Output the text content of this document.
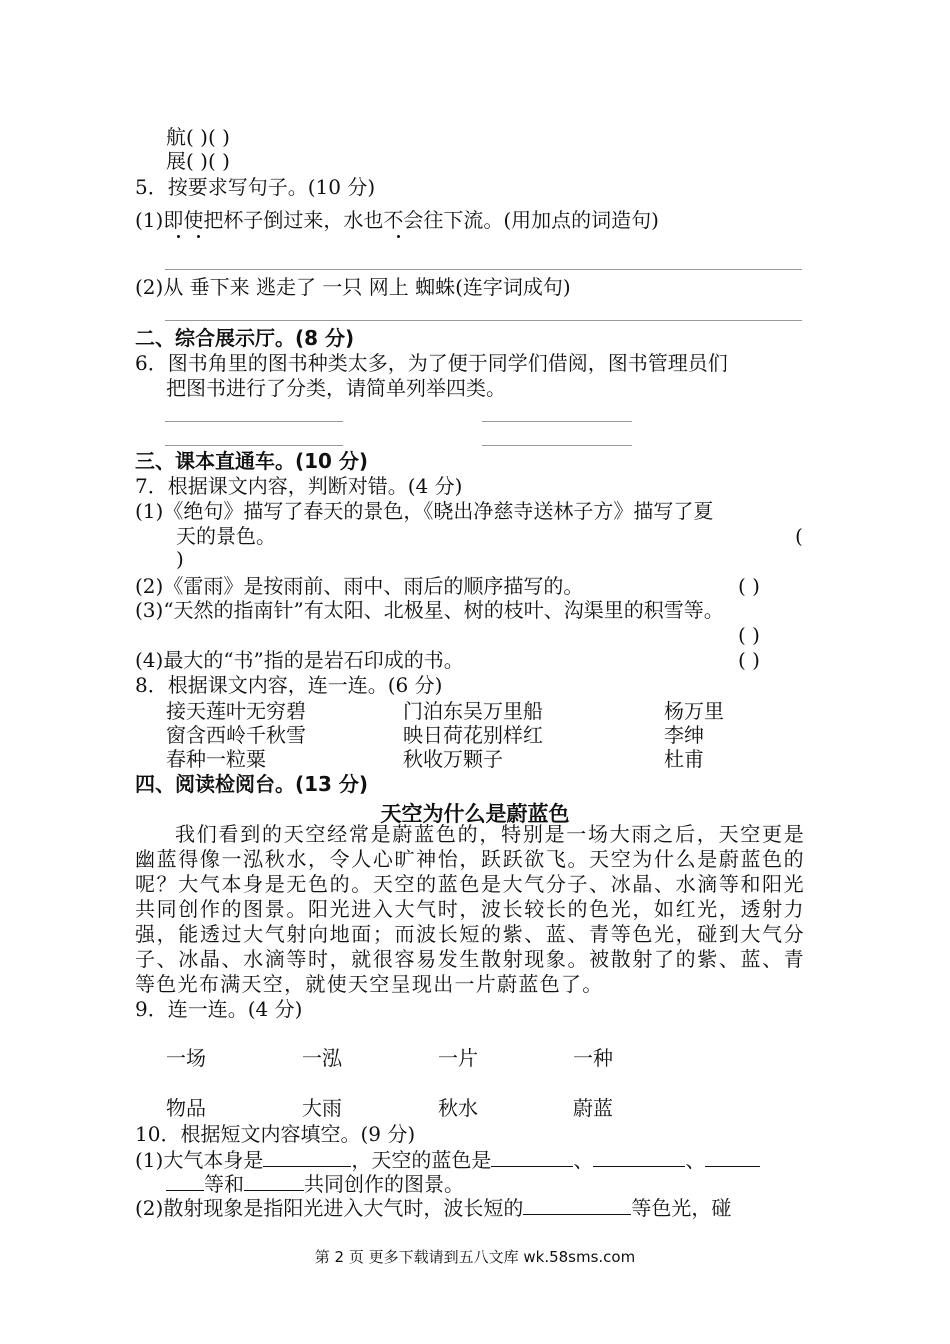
航( )( )
展( )( )
5．按要求写句子。(10 分)
(1)即使把杯子倒过来，水也不会往下流。(用加点的词造句)
(2)从 垂下来 逃走了 一只 网上 蜘蛛(连字词成句)
二、综合展示厅。(8 分)
6．图书角里的图书种类太多，为了便于同学们借阅，图书管理员们
把图书进行了分类，请简单列举四类。
三、课本直通车。(10 分)
7．根据课文内容，判断对错。(4 分)
(1)《绝句》描写了春天的景色，《晓出净慈寺送林子方》描写了夏
天的景色。	(
)
(2)《雷雨》是按雨前、雨中、雨后的顺序描写的。	( )
(3)“天然的指南针”有太阳、北极星、树的枝叶、沟渠里的积雪等。
( )
(4)最大的“书”指的是岩石印成的书。	( )
8．根据课文内容，连一连。(6 分)
接天莲叶无穷碧	门泊东吴万里船	杨万里
窗含西岭千秋雪	映日荷花别样红	李绅
春种一粒粟	秋收万颗子	杜甫
四、阅读检阅台。(13 分)
天空为什么是蔚蓝色
我们看到的天空经常是蔚蓝色的，特别是一场大雨之后，天空更是幽蓝得像一泓秋水，令人心旷神怡，跃跃欲飞。天空为什么是蔚蓝色的呢？大气本身是无色的。天空的蓝色是大气分子、冰晶、水滴等和阳光共同创作的图景。阳光进入大气时，波长较长的色光，如红光，透射力强，能透过大气射向地面；而波长短的紫、蓝、青等色光，碰到大气分子、冰晶、水滴等时，就很容易发生散射现象。被散射了的紫、蓝、青等色光布满天空，就使天空呈现出一片蔚蓝色了。
9．连一连。(4 分)
一场	一泓	一片	一种
物品	大雨	秋水	蔚蓝
10．根据短文内容填空。(9 分)
(1)大气本身是	，天空的蓝色是	、	、
等和	共同创作的图景。
(2)散射现象是指阳光进入大气时，波长短的	等色光，碰
第 2 页 更多下载请到五八文库 wk.58sms.com
